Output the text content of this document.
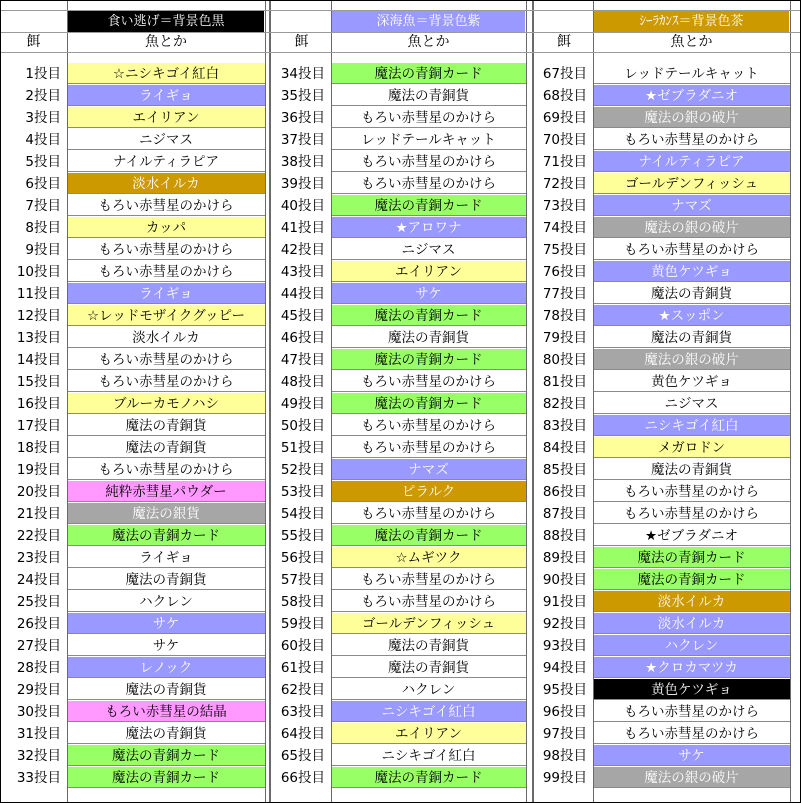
食い逃げ＝背景色黒
餌	魚とか
1投目	☆ニシキゴイ紅白
2投目	ライギョ
3投目	エイリアン
4投目	ニジマス
5投目	ナイルティラピア
6投目	淡水イルカ
7投目	もろい赤彗星のかけら
8投目	カッパ
9投目	もろい赤彗星のかけら
10投目	もろい赤彗星のかけら
11投目	ライギョ
12投目	☆レッドモザイクグッピー
13投目	淡水イルカ
14投目	もろい赤彗星のかけら
15投目	もろい赤彗星のかけら
16投目	ブルーカモノハシ
17投目	魔法の青銅貨
18投目	魔法の青銅貨
19投目	もろい赤彗星のかけら
20投目	純粋赤彗星パウダー
21投目	魔法の銀貨
22投目	魔法の青銅カード
23投目	ライギョ
24投目	魔法の青銅貨
25投目	ハクレン
26投目	サケ
27投目	サケ
28投目	レノック
29投目	魔法の青銅貨
30投目	もろい赤彗星の結晶
31投目	魔法の青銅貨
32投目	魔法の青銅カード
33投目	魔法の青銅カード
深海魚＝背景色紫
餌	魚とか
34投目	魔法の青銅カード
35投目	魔法の青銅貨
36投目	もろい赤彗星のかけら
37投目	レッドテールキャット
38投目	もろい赤彗星のかけら
39投目	もろい赤彗星のかけら
40投目	魔法の青銅カード
41投目	★アロワナ
42投目	ニジマス
43投目	エイリアン
44投目	サケ
45投目	魔法の青銅カード
46投目	魔法の青銅貨
47投目	魔法の青銅カード
48投目	もろい赤彗星のかけら
49投目	魔法の青銅カード
50投目	もろい赤彗星のかけら
51投目	もろい赤彗星のかけら
52投目	ナマズ
53投目	ピラルク
54投目	もろい赤彗星のかけら
55投目	魔法の青銅カード
56投目	☆ムギツク
57投目	もろい赤彗星のかけら
58投目	もろい赤彗星のかけら
59投目	ゴールデンフィッシュ
60投目	魔法の青銅貨
61投目	魔法の青銅貨
62投目	ハクレン
63投目	ニシキゴイ紅白
64投目	エイリアン
65投目	ニシキゴイ紅白
66投目	魔法の青銅カード
ｼｰﾗｶﾝｽ＝背景色茶
餌	魚とか
67投目	レッドテールキャット
68投目	★ゼブラダニオ
69投目	魔法の銀の破片
70投目	もろい赤彗星のかけら
71投目	ナイルティラピア
72投目	ゴールデンフィッシュ
73投目	ナマズ
74投目	魔法の銀の破片
75投目	もろい赤彗星のかけら
76投目	黄色ケツギョ
77投目	魔法の青銅貨
78投目	★スッポン
79投目	魔法の青銅貨
80投目	魔法の銀の破片
81投目	黄色ケツギョ
82投目	ニジマス
83投目	ニシキゴイ紅白
84投目	メガロドン
85投目	魔法の青銅貨
86投目	もろい赤彗星のかけら
87投目	もろい赤彗星のかけら
88投目	★ゼブラダニオ
89投目	魔法の青銅カード
90投目	魔法の青銅カード
91投目	淡水イルカ
92投目	淡水イルカ
93投目	ハクレン
94投目	★クロカマツカ
95投目	黄色ケツギョ
96投目	もろい赤彗星のかけら
97投目	もろい赤彗星のかけら
98投目	サケ
99投目	魔法の銀の破片
